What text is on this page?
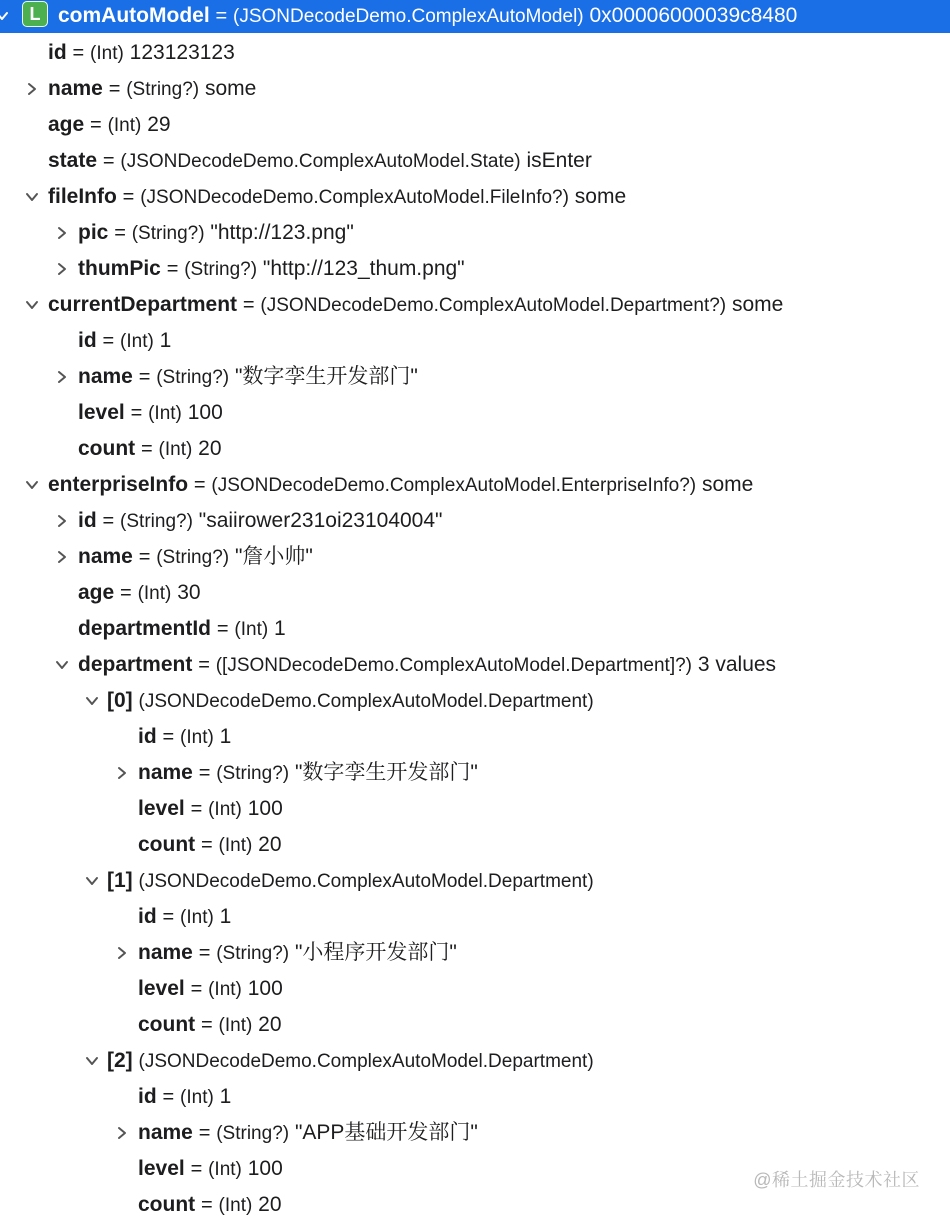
L comAutoModel = (JSONDecodeDemo.ComplexAutoModel) 0x00006000039c8480
id = (Int) 123123123
name = (String?) some
age = (Int) 29
state = (JSONDecodeDemo.ComplexAutoModel.State) isEnter
fileInfo = (JSONDecodeDemo.ComplexAutoModel.FileInfo?) some
pic = (String?) "http://123.png"
thumPic = (String?) "http://123_thum.png"
currentDepartment = (JSONDecodeDemo.ComplexAutoModel.Department?) some
id = (Int) 1
name = (String?) "数字孪生开发部门"
level = (Int) 100
count = (Int) 20
enterpriseInfo = (JSONDecodeDemo.ComplexAutoModel.EnterpriseInfo?) some
id = (String?) "saiirower231oi23104004"
name = (String?) "詹小帅"
age = (Int) 30
departmentId = (Int) 1
department = ([JSONDecodeDemo.ComplexAutoModel.Department]?) 3 values
[0] (JSONDecodeDemo.ComplexAutoModel.Department)
id = (Int) 1
name = (String?) "数字孪生开发部门"
level = (Int) 100
count = (Int) 20
[1] (JSONDecodeDemo.ComplexAutoModel.Department)
id = (Int) 1
name = (String?) "小程序开发部门"
level = (Int) 100
count = (Int) 20
[2] (JSONDecodeDemo.ComplexAutoModel.Department)
id = (Int) 1
name = (String?) "APP基础开发部门"
level = (Int) 100
count = (Int) 20
@稀土掘金技术社区
